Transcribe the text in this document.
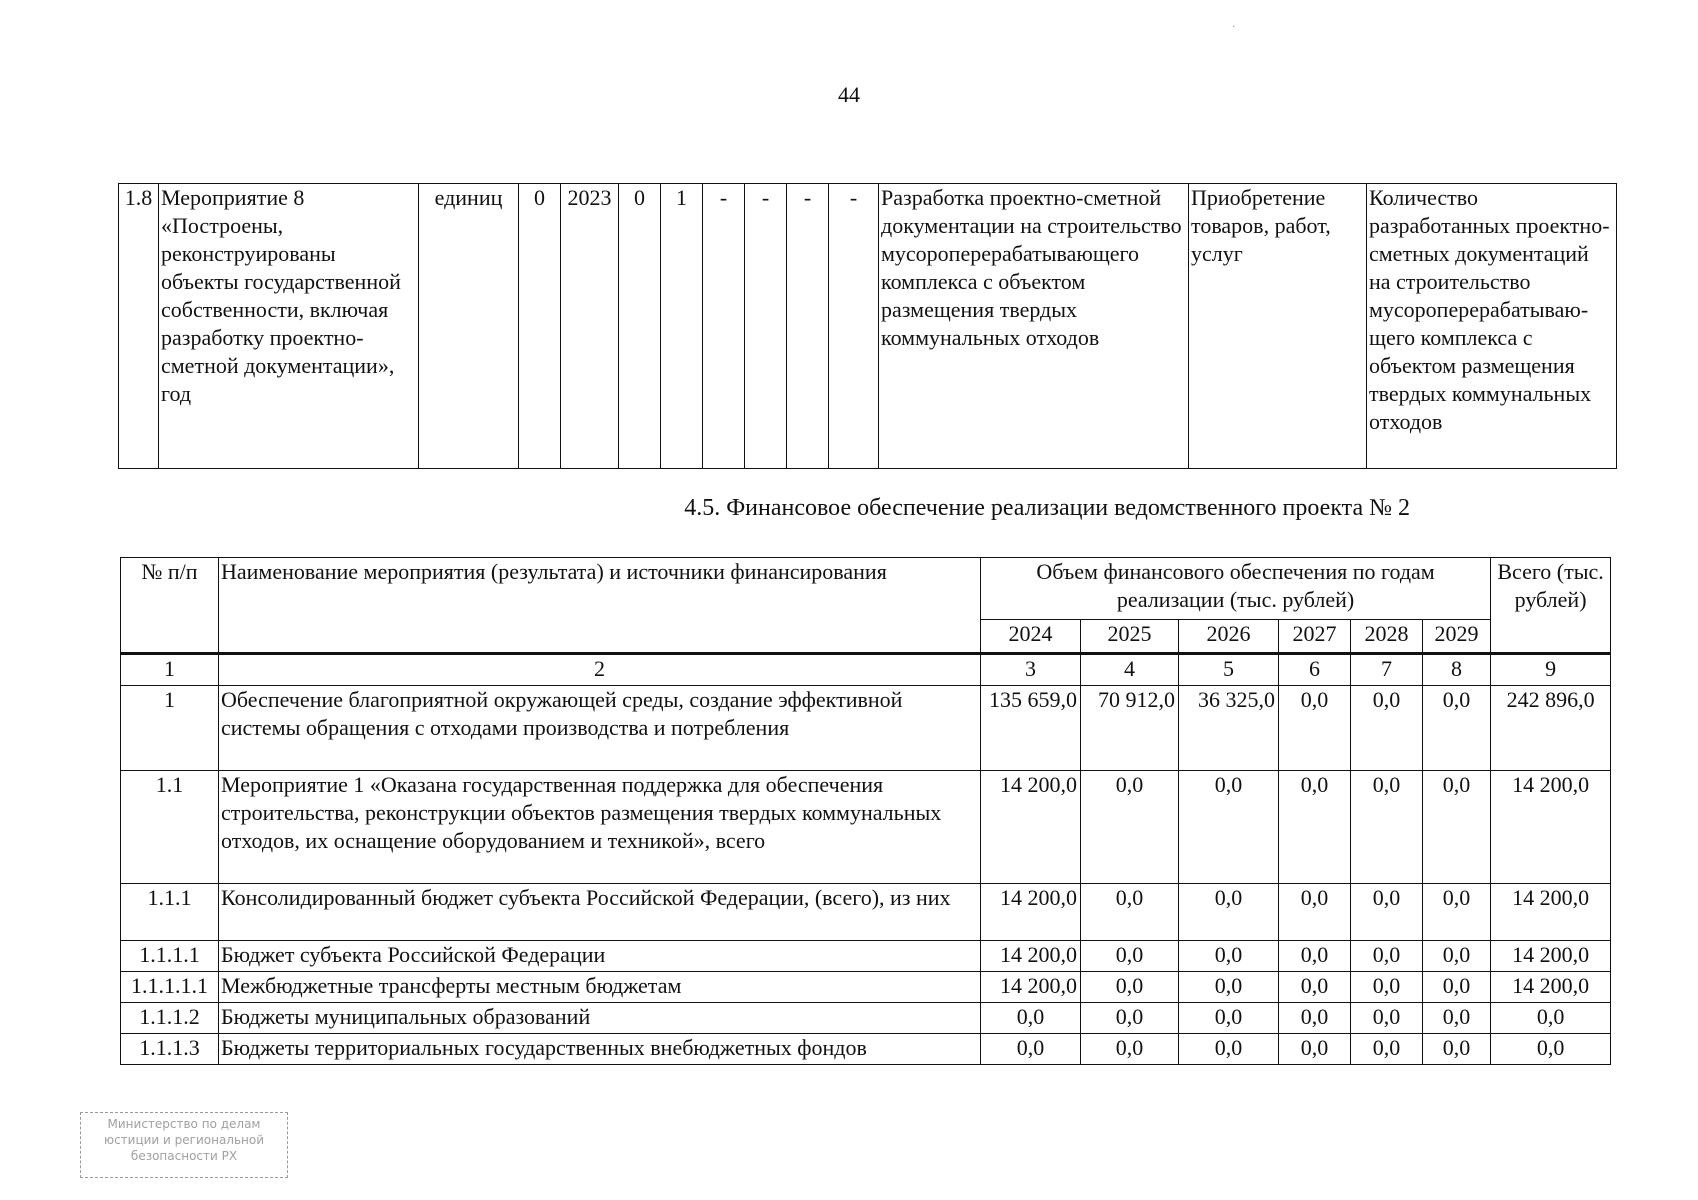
·
44
1.8	Мероприятие 8 «Построены, реконструированы объекты государственной собственности, включая разработку проектно-сметной документации», год	единиц	0	2023	0	1	-	-	-	-	Разработка проектно-сметной документации на строительство мусороперерабатывающего комплекса с объектом размещения твердых коммунальных отходов	Приобретение товаров, работ, услуг	Количество разработанных проектно-сметных документаций на строительство мусороперерабатываю-щего комплекса с объектом размещения твердых коммунальных отходов
4.5. Финансовое обеспечение реализации ведомственного проекта № 2
№ п/п	Наименование мероприятия (результата) и источники финансирования	Объем финансового обеспечения по годам реализации (тыс. рублей)						Всего (тыс. рублей)
		2024	2025	2026	2027	2028	2029	
1	2	3	4	5	6	7	8	9
1	Обеспечение благоприятной окружающей среды, создание эффективной системы обращения с отходами производства и потребления	135 659,0	70 912,0	36 325,0	0,0	0,0	0,0	242 896,0
1.1	Мероприятие 1 «Оказана государственная поддержка для обеспечения строительства, реконструкции объектов размещения твердых коммунальных отходов, их оснащение оборудованием и техникой», всего	14 200,0	0,0	0,0	0,0	0,0	0,0	14 200,0
1.1.1	Консолидированный бюджет субъекта Российской Федерации, (всего), из них	14 200,0	0,0	0,0	0,0	0,0	0,0	14 200,0
1.1.1.1	Бюджет субъекта Российской Федерации	14 200,0	0,0	0,0	0,0	0,0	0,0	14 200,0
1.1.1.1.1	Межбюджетные трансферты местным бюджетам	14 200,0	0,0	0,0	0,0	0,0	0,0	14 200,0
1.1.1.2	Бюджеты муниципальных образований	0,0	0,0	0,0	0,0	0,0	0,0	0,0
1.1.1.3	Бюджеты территориальных государственных внебюджетных фондов	0,0	0,0	0,0	0,0	0,0	0,0	0,0
Министерство по делам
юстиции и региональной
безопасности РХ
